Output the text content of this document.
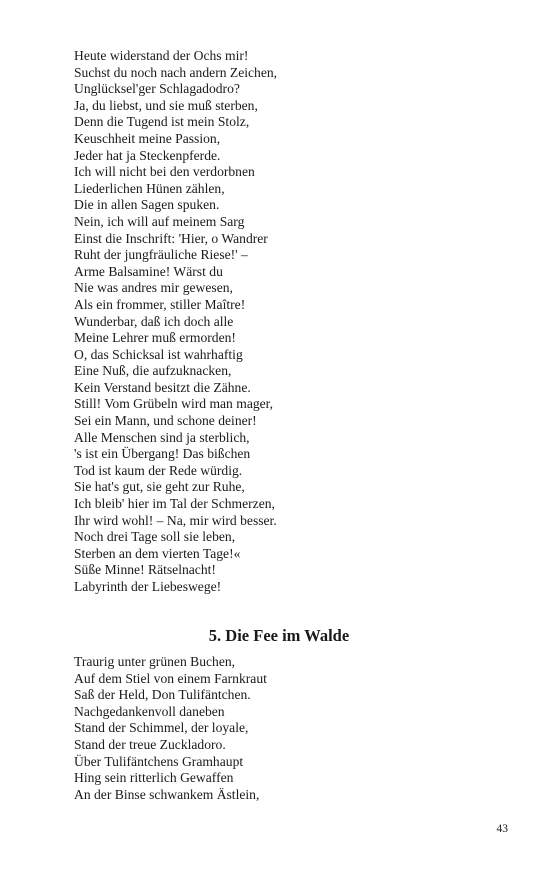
Heute widerstand der Ochs mir!
Suchst du noch nach andern Zeichen,
Unglücksel'ger Schlagadodro?
Ja, du liebst, und sie muß sterben,
Denn die Tugend ist mein Stolz,
Keuschheit meine Passion,
Jeder hat ja Steckenpferde.
Ich will nicht bei den verdorbnen
Liederlichen Hünen zählen,
Die in allen Sagen spuken.
Nein, ich will auf meinem Sarg
Einst die Inschrift: 'Hier, o Wandrer
Ruht der jungfräuliche Riese!' –
Arme Balsamine! Wärst du
Nie was andres mir gewesen,
Als ein frommer, stiller Maître!
Wunderbar, daß ich doch alle
Meine Lehrer muß ermorden!
O, das Schicksal ist wahrhaftig
Eine Nuß, die aufzuknacken,
Kein Verstand besitzt die Zähne.
Still! Vom Grübeln wird man mager,
Sei ein Mann, und schone deiner!
Alle Menschen sind ja sterblich,
's ist ein Übergang! Das bißchen
Tod ist kaum der Rede würdig.
Sie hat's gut, sie geht zur Ruhe,
Ich bleib' hier im Tal der Schmerzen,
Ihr wird wohl! – Na, mir wird besser.
Noch drei Tage soll sie leben,
Sterben an dem vierten Tage!«
Süße Minne! Rätselnacht!
Labyrinth der Liebeswege!
5. Die Fee im Walde
Traurig unter grünen Buchen,
Auf dem Stiel von einem Farnkraut
Saß der Held, Don Tulifäntchen.
Nachgedankenvoll daneben
Stand der Schimmel, der loyale,
Stand der treue Zuckladoro.
Über Tulifäntchens Gramhaupt
Hing sein ritterlich Gewaffen
An der Binse schwankem Ästlein,
43
